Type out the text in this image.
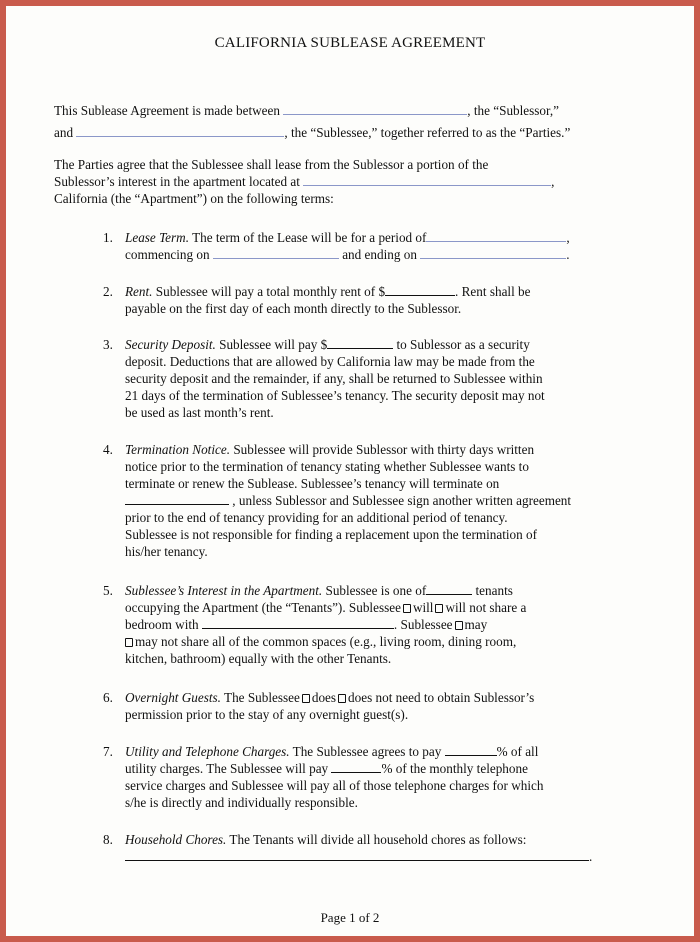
CALIFORNIA SUBLEASE AGREEMENT
This Sublease Agreement is made between	, the “Sublessor,”
and	, the “Sublessee,” together referred to as the “Parties.”
The Parties agree that the Sublessee shall lease from the Sublessor a portion of the
Sublessor’s interest in the apartment located at	,
California (the “Apartment”) on the following terms:
1. Lease Term. The term of the Lease will be for a period of	,
commencing on	and ending on	.
2. Rent. Sublessee will pay a total monthly rent of $	. Rent shall be
payable on the first day of each month directly to the Sublessor.
3. Security Deposit. Sublessee will pay $	to Sublessor as a security
deposit. Deductions that are allowed by California law may be made from the
security deposit and the remainder, if any, shall be returned to Sublessee within
21 days of the termination of Sublessee’s tenancy. The security deposit may not
be used as last month’s rent.
4. Termination Notice. Sublessee will provide Sublessor with thirty days written
notice prior to the termination of tenancy stating whether Sublessee wants to
terminate or renew the Sublease. Sublessee’s tenancy will terminate on
, unless Sublessor and Sublessee sign another written agreement
prior to the end of tenancy providing for an additional period of tenancy.
Sublessee is not responsible for finding a replacement upon the termination of
his/her tenancy.
5. Sublessee’s Interest in the Apartment. Sublessee is one of	tenants
occupying the Apartment (the “Tenants”). Sublessee will will not share a
bedroom with	. Sublessee may
may not share all of the common spaces (e.g., living room, dining room,
kitchen, bathroom) equally with the other Tenants.
6. Overnight Guests. The Sublessee does does not need to obtain Sublessor’s
permission prior to the stay of any overnight guest(s).
7. Utility and Telephone Charges. The Sublessee agrees to pay	% of all
utility charges. The Sublessee will pay	% of the monthly telephone
service charges and Sublessee will pay all of those telephone charges for which
s/he is directly and individually responsible.
8. Household Chores. The Tenants will divide all household chores as follows:
.
Page 1 of 2
